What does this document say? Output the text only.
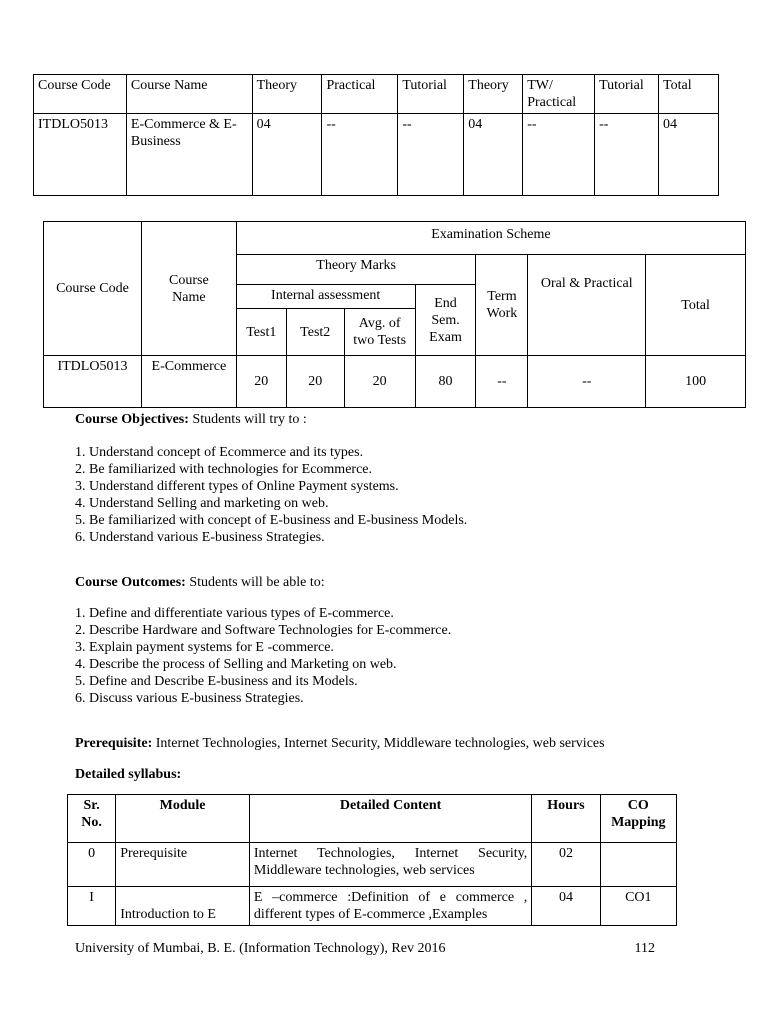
Course Code	Course Name	Theory	Practical	Tutorial	Theory	TW/ Practical	Tutorial	Total
ITDLO5013	E-Commerce & E-Business	04	--	--	04	--	--	04
Course Code	Course Name	Examination Scheme						
		Theory Marks				Term Work	Oral & Practical	Total
		Internal assessment			End Sem. Exam			
		Test1	Test2	Avg. of two Tests				
ITDLO5013	E-Commerce	20	20	20	80	--	--	100
Course Objectives: Students will try to :
1. Understand concept of Ecommerce and its types.
2. Be familiarized with technologies for Ecommerce.
3. Understand different types of Online Payment systems.
4. Understand Selling and marketing on web.
5. Be familiarized with concept of E-business and E-business Models.
6. Understand various E-business Strategies.
Course Outcomes: Students will be able to:
1. Define and differentiate various types of E-commerce.
2. Describe Hardware and Software Technologies for E-commerce.
3. Explain payment systems for E -commerce.
4. Describe the process of Selling and Marketing on web.
5. Define and Describe E-business and its Models.
6. Discuss various E-business Strategies.
Prerequisite: Internet Technologies, Internet Security, Middleware technologies, web services
Detailed syllabus:
Sr. No.	Module	Detailed Content	Hours	CO Mapping
0	Prerequisite	Internet Technologies, Internet Security, Middleware technologies, web services	02	
I	Introduction to E	E –commerce :Definition of e commerce , different types of E-commerce ,Examples	04	CO1
University of Mumbai, B. E. (Information Technology), Rev 2016	112
